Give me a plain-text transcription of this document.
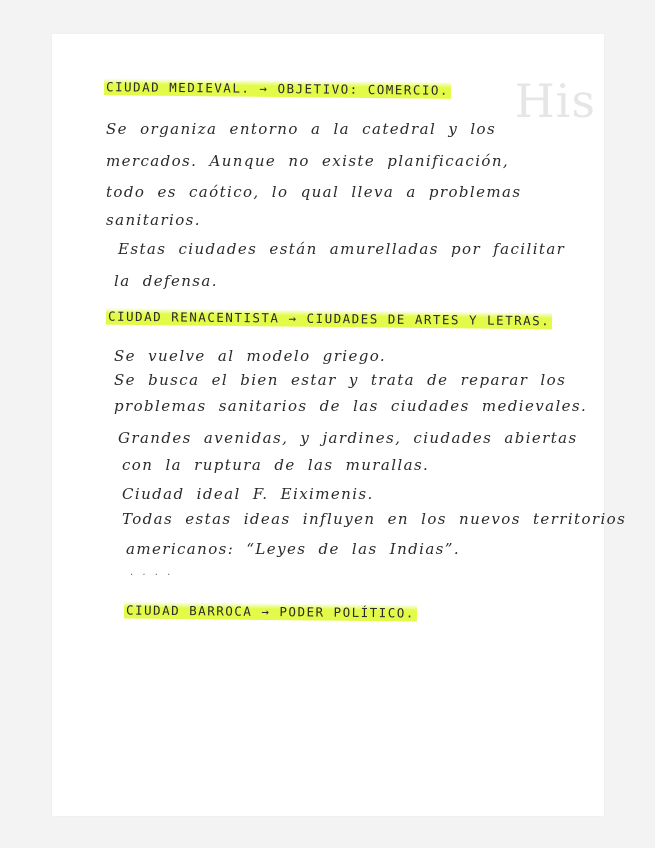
His
CIUDAD MEDIEVAL. → OBJETIVO: COMERCIO.
Se organiza entorno a la catedral y los
mercados. Aunque no existe planificación,
todo es caótico, lo qual lleva a problemas
sanitarios.
Estas ciudades están amurelladas por facilitar
la defensa.
CIUDAD RENACENTISTA → CIUDADES DE ARTES Y LETRAS.
Se vuelve al modelo griego.
Se busca el bien estar y trata de reparar los
problemas sanitarios de las ciudades medievales.
Grandes avenidas, y jardines, ciudades abiertas
con la ruptura de las murallas.
Ciudad ideal F. Eiximenis.
Todas estas ideas influyen en los nuevos territorios
americanos: “Leyes de las Indias”.
· · · ·
CIUDAD BARROCA → PODER POLÍTICO.
